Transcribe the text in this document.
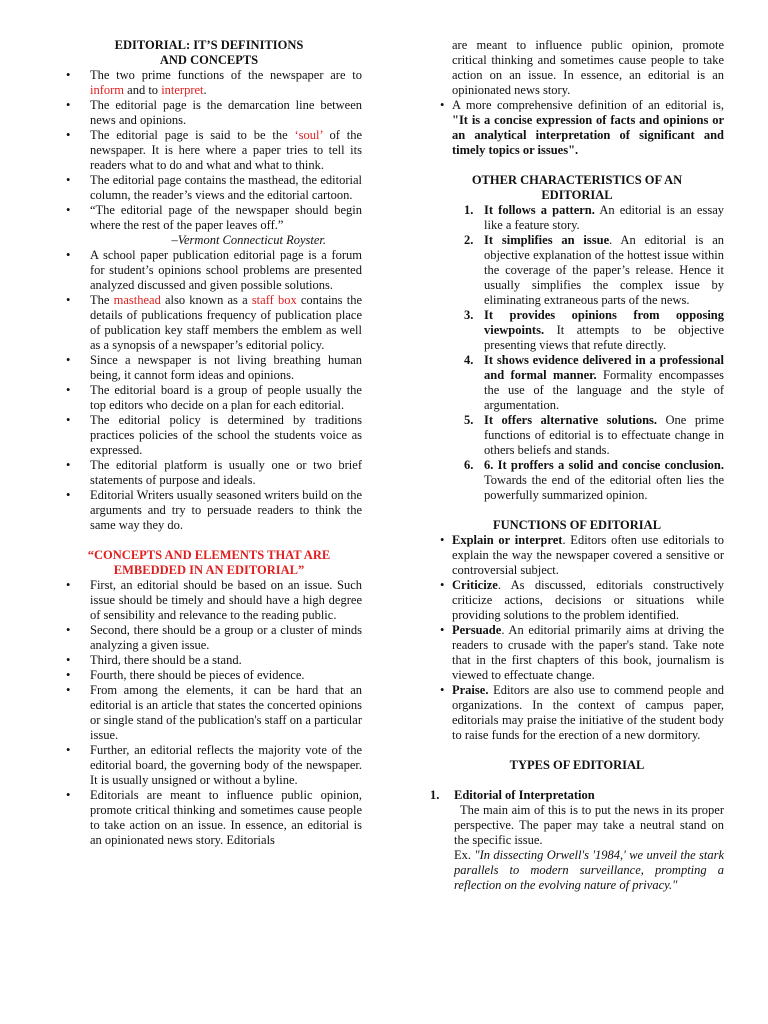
EDITORIAL: IT’S DEFINITIONS
AND CONCEPTS

• The two prime functions of the newspaper are to inform and to interpret.
• The editorial page is the demarcation line between news and opinions.
• The editorial page is said to be the ‘soul’ of the newspaper. It is here where a paper tries to tell its readers what to do and what and what to think.
• The editorial page contains the masthead, the editorial column, the reader’s views and the editorial cartoon.
• “The editorial page of the newspaper should begin where the rest of the paper leaves off.”
–Vermont Connecticut Royster.
• A school paper publication editorial page is a forum for student’s opinions school problems are presented analyzed discussed and given possible solutions.
• The masthead also known as a staff box contains the details of publications frequency of publication place of publication key staff members the emblem as well as a synopsis of a newspaper’s editorial policy.
• Since a newspaper is not living breathing human being, it cannot form ideas and opinions.
• The editorial board is a group of people usually the top editors who decide on a plan for each editorial.
• The editorial policy is determined by traditions practices policies of the school the students voice as expressed.
• The editorial platform is usually one or two brief statements of purpose and ideals.
• Editorial Writers usually seasoned writers build on the arguments and try to persuade readers to think the same way they do.

“CONCEPTS AND ELEMENTS THAT ARE
EMBEDDED IN AN EDITORIAL”

• First, an editorial should be based on an issue. Such issue should be timely and should have a high degree of sensibility and relevance to the reading public.
• Second, there should be a group or a cluster of minds analyzing a given issue.
• Third, there should be a stand.
• Fourth, there should be pieces of evidence.
• From among the elements, it can be hard that an editorial is an article that states the concerted opinions or single stand of the publication's staff on a particular issue.
• Further, an editorial reflects the majority vote of the editorial board, the governing body of the newspaper. It is usually unsigned or without a byline.
• Editorials are meant to influence public opinion, promote critical thinking and sometimes cause people to take action on an issue. In essence, an editorial is an opinionated news story. Editorials
are meant to influence public opinion, promote critical thinking and sometimes cause people to take action on an issue. In essence, an editorial is an opinionated news story.
• A more comprehensive definition of an editorial is, "It is a concise expression of facts and opinions or an analytical interpretation of significant and timely topics or issues".

OTHER CHARACTERISTICS OF AN
EDITORIAL

1. It follows a pattern. An editorial is an essay like a feature story.
2. It simplifies an issue. An editorial is an objective explanation of the hottest issue within the coverage of the paper’s release. Hence it usually simplifies the complex issue by eliminating extraneous parts of the news.
3. It provides opinions from opposing viewpoints. It attempts to be objective presenting views that refute directly.
4. It shows evidence delivered in a professional and formal manner. Formality encompasses the use of the language and the style of argumentation.
5. It offers alternative solutions. One prime functions of editorial is to effectuate change in others beliefs and stands.
6. 6. It proffers a solid and concise conclusion. Towards the end of the editorial often lies the powerfully summarized opinion.

FUNCTIONS OF EDITORIAL

• Explain or interpret. Editors often use editorials to explain the way the newspaper covered a sensitive or controversial subject.
• Criticize. As discussed, editorials constructively criticize actions, decisions or situations while providing solutions to the problem identified.
• Persuade. An editorial primarily aims at driving the readers to crusade with the paper's stand. Take note that in the first chapters of this book, journalism is viewed to effectuate change.
• Praise. Editors are also use to commend people and organizations. In the context of campus paper, editorials may praise the initiative of the student body to raise funds for the erection of a new dormitory.

TYPES OF EDITORIAL

1. Editorial of Interpretation
The main aim of this is to put the news in its proper perspective. The paper may take a neutral stand on the specific issue.
Ex. "In dissecting Orwell's '1984,' we unveil the stark parallels to modern surveillance, prompting a reflection on the evolving nature of privacy."
